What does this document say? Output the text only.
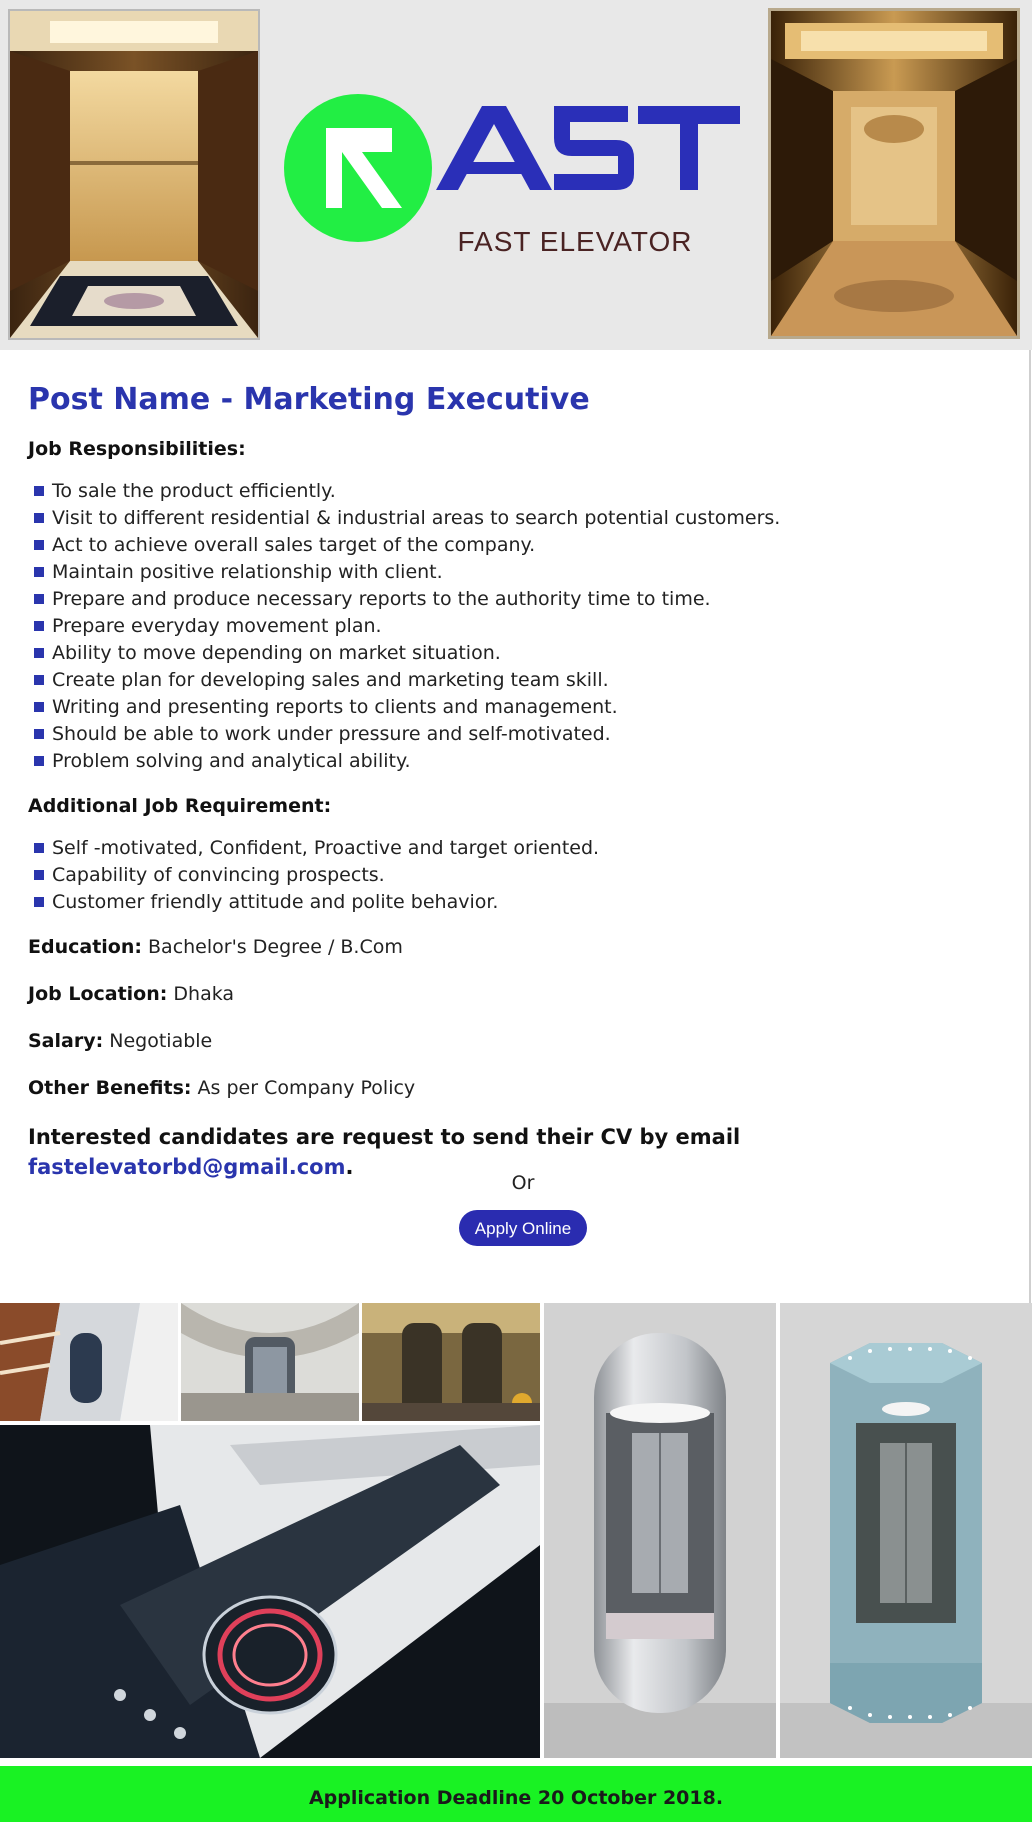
FAST ELEVATOR
Post Name - Marketing Executive
Job Responsibilities:
To sale the product efficiently.
Visit to different residential & industrial areas to search potential customers.
Act to achieve overall sales target of the company.
Maintain positive relationship with client.
Prepare and produce necessary reports to the authority time to time.
Prepare everyday movement plan.
Ability to move depending on market situation.
Create plan for developing sales and marketing team skill.
Writing and presenting reports to clients and management.
Should be able to work under pressure and self-motivated.
Problem solving and analytical ability.
Additional Job Requirement:
Self -motivated, Confident, Proactive and target oriented.
Capability of convincing prospects.
Customer friendly attitude and polite behavior.
Education: Bachelor's Degree / B.Com
Job Location: Dhaka
Salary: Negotiable
Other Benefits: As per Company Policy
Interested candidates are request to send their CV by email fastelevatorbd@gmail.com.
Or
Apply Online
Application Deadline 20 October 2018.
